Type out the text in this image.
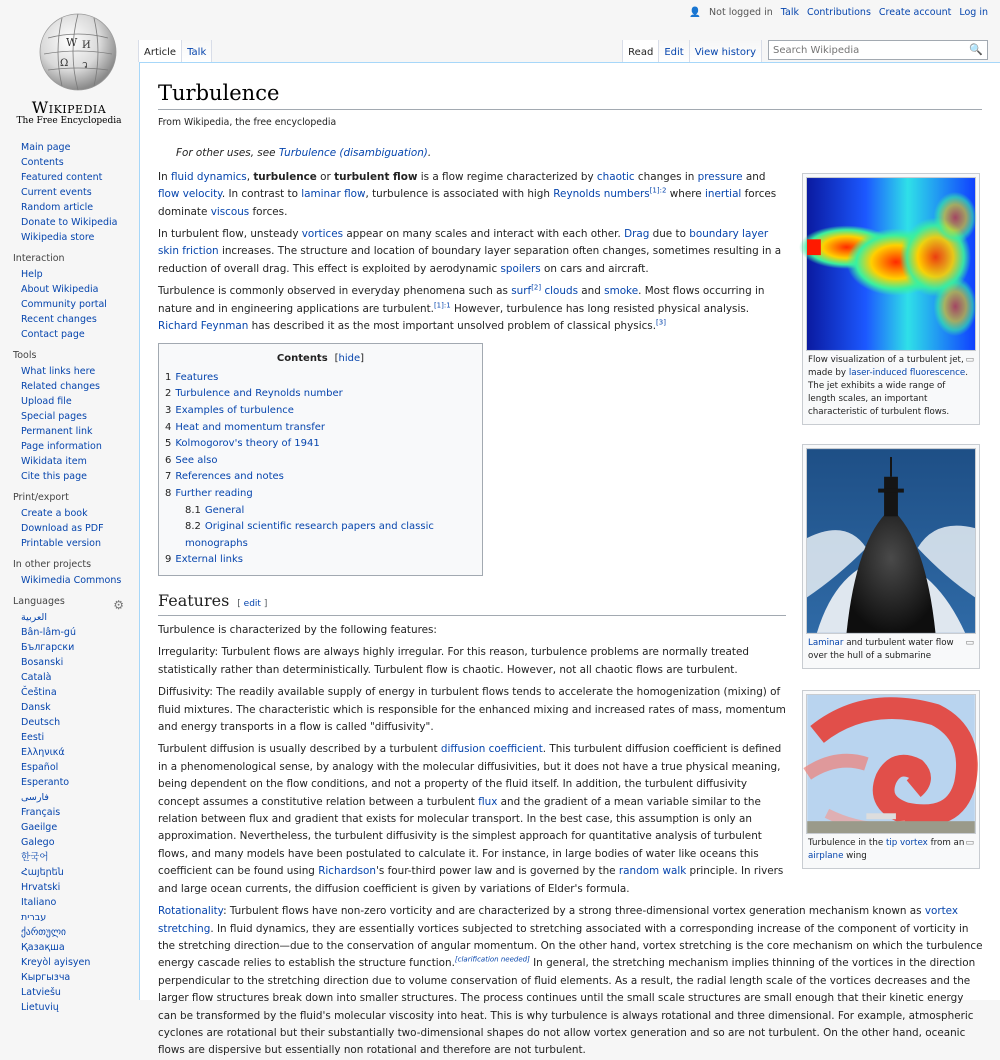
W И
Ω ว
Wikipedia
The Free Encyclopedia
👤 Not logged in Talk Contributions Create account Log in
Article	Talk	Read	Edit	View history
Search Wikipedia	🔍
Main page
Contents
Featured content
Current events
Random article
Donate to Wikipedia
Wikipedia store
Interaction
Help
About Wikipedia
Community portal
Recent changes
Contact page
Tools
What links here
Related changes
Upload file
Special pages
Permanent link
Page information
Wikidata item
Cite this page
Print/export
Create a book
Download as PDF
Printable version
In other projects
Wikimedia Commons
Languages	⚙
العربية
Bân-lâm-gú
Български
Bosanski
Català
Čeština
Dansk
Deutsch
Eesti
Ελληνικά
Español
Esperanto
فارسی
Français
Gaeilge
Galego
한국어
Հայերեն
Hrvatski
Italiano
עברית
ქართული
Қазақша
Kreyòl ayisyen
Кыргызча
Latviešu
Lietuvių
Turbulence
From Wikipedia, the free encyclopedia
▭
Flow visualization of a turbulent jet, made by laser-induced fluorescence. The jet exhibits a wide range of length scales, an important characteristic of turbulent flows.
▭
Laminar and turbulent water flow over the hull of a submarine
▭
Turbulence in the tip vortex from an airplane wing
For other uses, see Turbulence (disambiguation).

In fluid dynamics, turbulence or turbulent flow is a flow regime characterized by chaotic changes in pressure and flow velocity. In contrast to laminar flow, turbulence is associated with high Reynolds numbers$^{[1]:2}$ where inertial forces dominate viscous forces.

In turbulent flow, unsteady vortices appear on many scales and interact with each other. Drag due to boundary layer skin friction increases. The structure and location of boundary layer separation often changes, sometimes resulting in a reduction of overall drag. This effect is exploited by aerodynamic spoilers on cars and aircraft.

Turbulence is commonly observed in everyday phenomena such as surf[2] clouds and smoke. Most flows occurring in nature and in engineering applications are turbulent.$^{[1]:1}$ However, turbulence has long resisted physical analysis. Richard Feynman has described it as the most important unsolved problem of classical physics.[3]

Contents [hide]
1 Features
2 Turbulence and Reynolds number
3 Examples of turbulence
4 Heat and momentum transfer
5 Kolmogorov's theory of 1941
6 See also
7 References and notes
8 Further reading
8.1 General
8.2 Original scientific research papers and classic monographs
9 External links
Features [ edit ]

Turbulence is characterized by the following features:

Irregularity: Turbulent flows are always highly irregular. For this reason, turbulence problems are normally treated statistically rather than deterministically. Turbulent flow is chaotic. However, not all chaotic flows are turbulent.

Diffusivity: The readily available supply of energy in turbulent flows tends to accelerate the homogenization (mixing) of fluid mixtures. The characteristic which is responsible for the enhanced mixing and increased rates of mass, momentum and energy transports in a flow is called "diffusivity".

Turbulent diffusion is usually described by a turbulent diffusion coefficient. This turbulent diffusion coefficient is defined in a phenomenological sense, by analogy with the molecular diffusivities, but it does not have a true physical meaning, being dependent on the flow conditions, and not a property of the fluid itself. In addition, the turbulent diffusivity concept assumes a constitutive relation between a turbulent flux and the gradient of a mean variable similar to the relation between flux and gradient that exists for molecular transport. In the best case, this assumption is only an approximation. Nevertheless, the turbulent diffusivity is the simplest approach for quantitative analysis of turbulent flows, and many models have been postulated to calculate it. For instance, in large bodies of water like oceans this coefficient can be found using Richardson's four-third power law and is governed by the random walk principle. In rivers and large ocean currents, the diffusion coefficient is given by variations of Elder's formula.

Rotationality: Turbulent flows have non-zero vorticity and are characterized by a strong three-dimensional vortex generation mechanism known as vortex stretching. In fluid dynamics, they are essentially vortices subjected to stretching associated with a corresponding increase of the component of vorticity in the stretching direction—due to the conservation of angular momentum. On the other hand, vortex stretching is the core mechanism on which the turbulence energy cascade relies to establish the structure function.[clarification needed] In general, the stretching mechanism implies thinning of the vortices in the direction perpendicular to the stretching direction due to volume conservation of fluid elements. As a result, the radial length scale of the vortices decreases and the larger flow structures break down into smaller structures. The process continues until the small scale structures are small enough that their kinetic energy can be transformed by the fluid's molecular viscosity into heat. This is why turbulence is always rotational and three dimensional. For example, atmospheric cyclones are rotational but their substantially two-dimensional shapes do not allow vortex generation and so are not turbulent. On the other hand, oceanic flows are dispersive but essentially non rotational and therefore are not turbulent.
